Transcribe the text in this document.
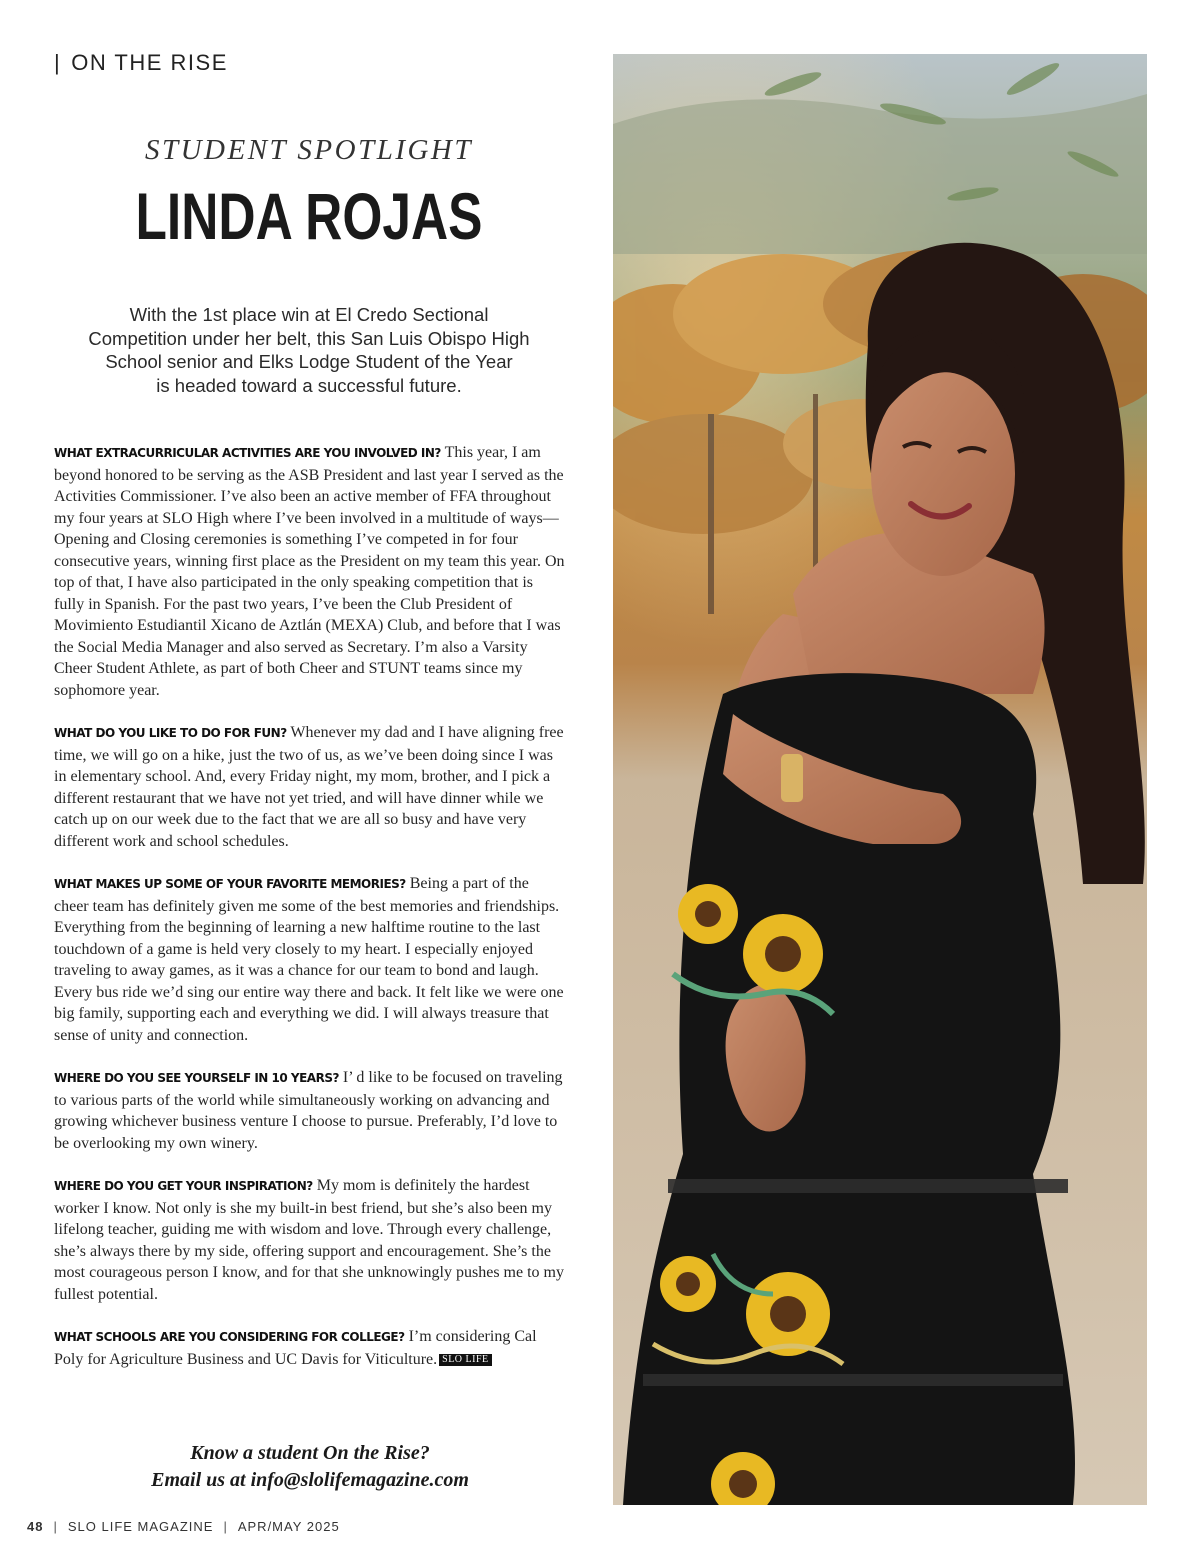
| ON THE RISE
STUDENT SPOTLIGHT
LINDA ROJAS
With the 1st place win at El Credo Sectional
Competition under her belt, this San Luis Obispo High
School senior and Elks Lodge Student of the Year
is headed toward a successful future.

WHAT EXTRACURRICULAR ACTIVITIES ARE YOU INVOLVED IN? This year, I am beyond honored to be serving as the ASB President and last year I served as the Activities Commissioner. I’ve also been an active member of FFA throughout my four years at SLO High where I’ve been involved in a multitude of ways—Opening and Closing ceremonies is something I’ve competed in for four consecutive years, winning first place as the President on my team this year. On top of that, I have also participated in the only speaking competition that is fully in Spanish. For the past two years, I’ve been the Club President of Movimiento Estudiantil Xicano de Aztlán (MEXA) Club, and before that I was the Social Media Manager and also served as Secretary. I’m also a Varsity Cheer Student Athlete, as part of both Cheer and STUNT teams since my sophomore year.

WHAT DO YOU LIKE TO DO FOR FUN? Whenever my dad and I have aligning free time, we will go on a hike, just the two of us, as we’ve been doing since I was in elementary school. And, every Friday night, my mom, brother, and I pick a different restaurant that we have not yet tried, and will have dinner while we catch up on our week due to the fact that we are all so busy and have very different work and school schedules.

WHAT MAKES UP SOME OF YOUR FAVORITE MEMORIES? Being a part of the cheer team has definitely given me some of the best memories and friendships. Everything from the beginning of learning a new halftime routine to the last touchdown of a game is held very closely to my heart. I especially enjoyed traveling to away games, as it was a chance for our team to bond and laugh. Every bus ride we’d sing our entire way there and back. It felt like we were one big family, supporting each and everything we did. I will always treasure that sense of unity and connection.

WHERE DO YOU SEE YOURSELF IN 10 YEARS? I’ d like to be focused on traveling to various parts of the world while simultaneously working on advancing and growing whichever business venture I choose to pursue. Preferably, I’d love to be overlooking my own winery.

WHERE DO YOU GET YOUR INSPIRATION? My mom is definitely the hardest worker I know. Not only is she my built-in best friend, but she’s also been my lifelong teacher, guiding me with wisdom and love. Through every challenge, she’s always there by my side, offering support and encouragement. She’s the most courageous person I know, and for that she unknowingly pushes me to my fullest potential.

WHAT SCHOOLS ARE YOU CONSIDERING FOR COLLEGE? I’m considering Cal Poly for Agriculture Business and UC Davis for Viticulture. SLO LIFE

Know a student On the Rise?
Email us at info@slolifemagazine.com
48 | SLO LIFE MAGAZINE | APR/MAY 2025
